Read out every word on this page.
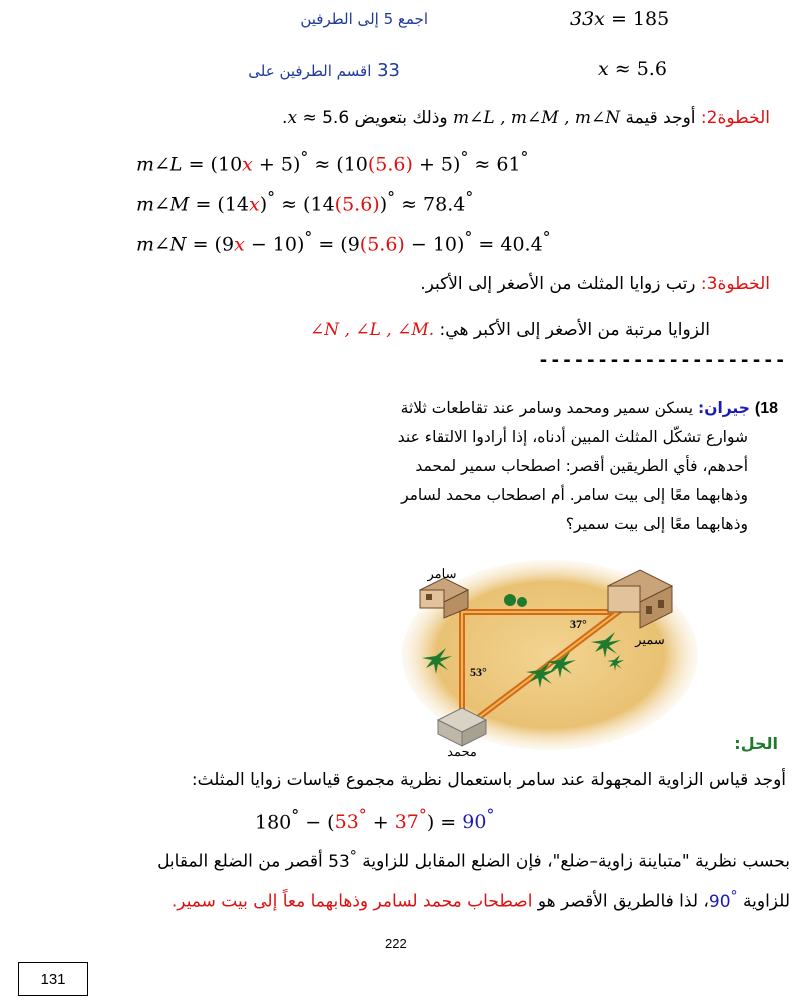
33x = 185
اجمع 5 إلى الطرفين
x ≈ 5.6
33 اقسم الطرفين على
الخطوة2: أوجد قيمة m∠L , m∠M , m∠N وذلك بتعويض x ≈ 5.6.
m∠L = (10x + 5)° ≈ (10(5.6) + 5)° ≈ 61°
m∠M = (14x)° ≈ (14(5.6))° ≈ 78.4°
m∠N = (9x − 10)° = (9(5.6) − 10)° = 40.4°
الخطوة3: رتب زوايا المثلث من الأصغر إلى الأكبر.
الزوايا مرتبة من الأصغر إلى الأكبر هي: ∠N , ∠L , ∠M.
---------------------
18) جيران: يسكن سمير ومحمد وسامر عند تقاطعات ثلاثة
شوارع تشكّل المثلث المبين أدناه، إذا أرادوا الالتقاء عند
أحدهم، فأي الطريقين أقصر: اصطحاب سمير لمحمد
وذهابهما معًا إلى بيت سامر. أم اصطحاب محمد لسامر
وذهابهما معًا إلى بيت سمير؟
سامر
سمير
محمد
37°
53°
الحل:
أوجد قياس الزاوية المجهولة عند سامر باستعمال نظرية مجموع قياسات زوايا المثلث:
180° − (53° + 37°) = 90°
بحسب نظرية "متباينة زاوية–ضلع"، فإن الضلع المقابل للزاوية 53° أقصر من الضلع المقابل
للزاوية 90°، لذا فالطريق الأقصر هو اصطحاب محمد لسامر وذهابهما معاً إلى بيت سمير.
222
131
